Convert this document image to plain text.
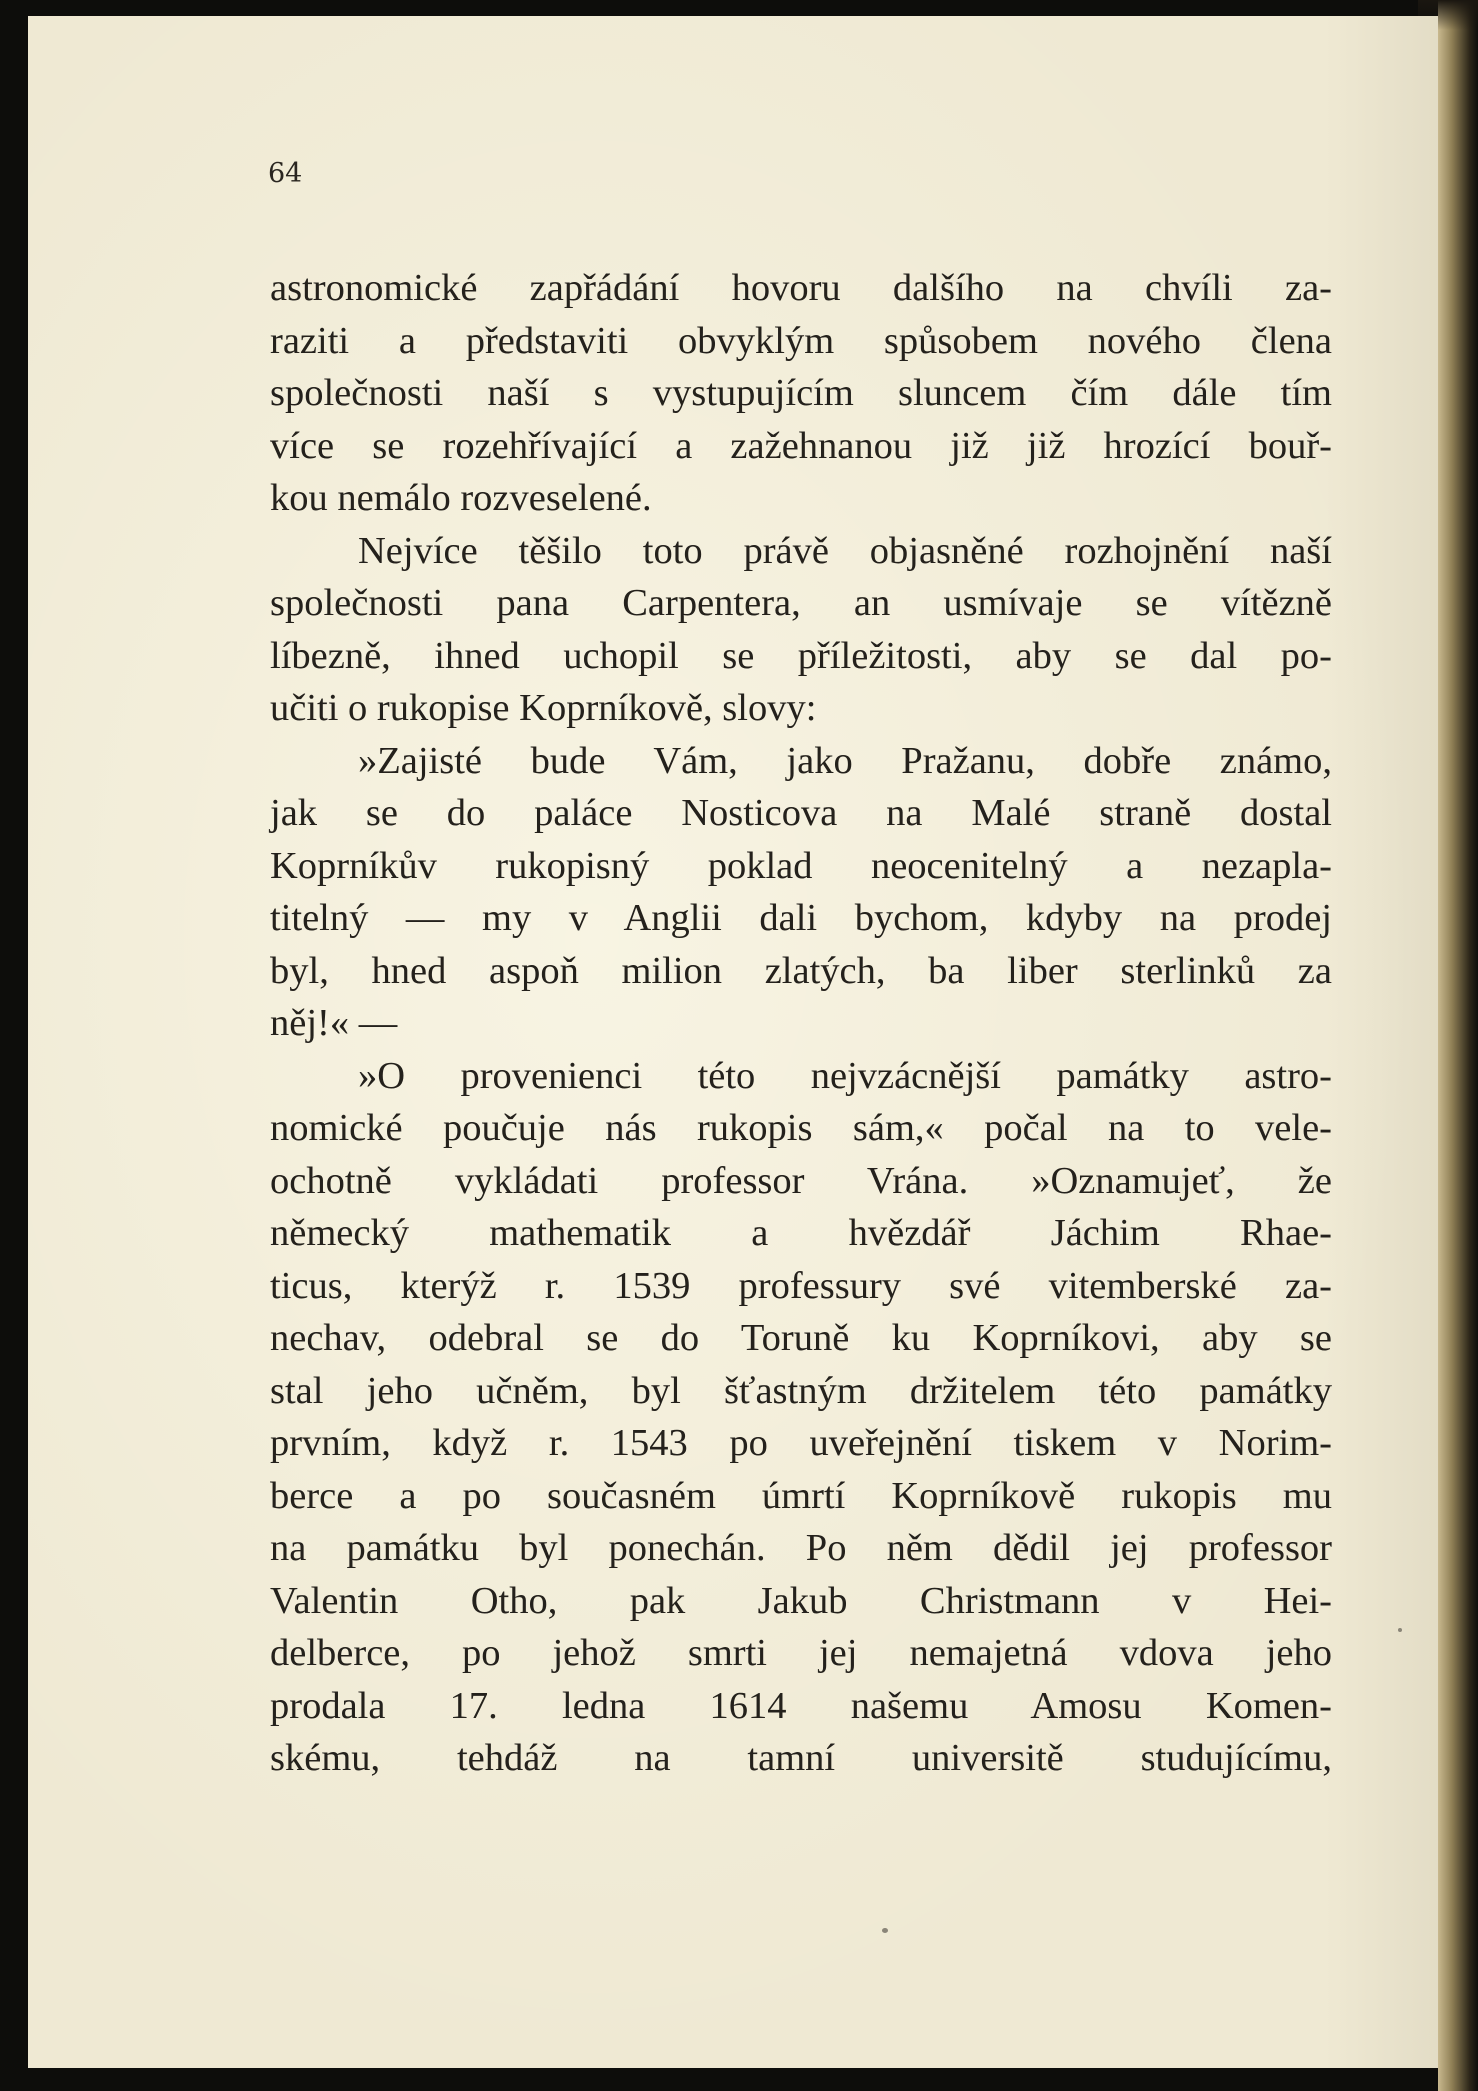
64

astronomické zapřádání hovoru dalšího na chvíli za-
raziti a představiti obvyklým spůsobem nového člena
společnosti naší s vystupujícím sluncem čím dále tím
více se rozehřívající a zažehnanou již již hrozící bouř-
kou nemálo rozveselené.
Nejvíce těšilo toto právě objasněné rozhojnění naší
společnosti pana Carpentera, an usmívaje se vítězně
líbezně, ihned uchopil se příležitosti, aby se dal po-
učiti o rukopise Koprníkově, slovy:
»Zajisté bude Vám, jako Pražanu, dobře známo,
jak se do paláce Nosticova na Malé straně dostal
Koprníkův rukopisný poklad neocenitelný a nezapla-
titelný — my v Anglii dali bychom, kdyby na prodej
byl, hned aspoň milion zlatých, ba liber sterlinků za
něj!« —
»O provenienci této nejvzácnější památky astro-
nomické poučuje nás rukopis sám,« počal na to vele-
ochotně vykládati professor Vrána. »Oznamujeť, že
německý mathematik a hvězdář Jáchim Rhae-
ticus, kterýž r. 1539 professury své vitemberské za-
nechav, odebral se do Toruně ku Koprníkovi, aby se
stal jeho učněm, byl šťastným držitelem této památky
prvním, když r. 1543 po uveřejnění tiskem v Norim-
berce a po současném úmrtí Koprníkově rukopis mu
na památku byl ponechán. Po něm dědil jej professor
Valentin Otho, pak Jakub Christmann v Hei-
delberce, po jehož smrti jej nemajetná vdova jeho
prodala 17. ledna 1614 našemu Amosu Komen-
skému, tehdáž na tamní universitě studujícímu,
